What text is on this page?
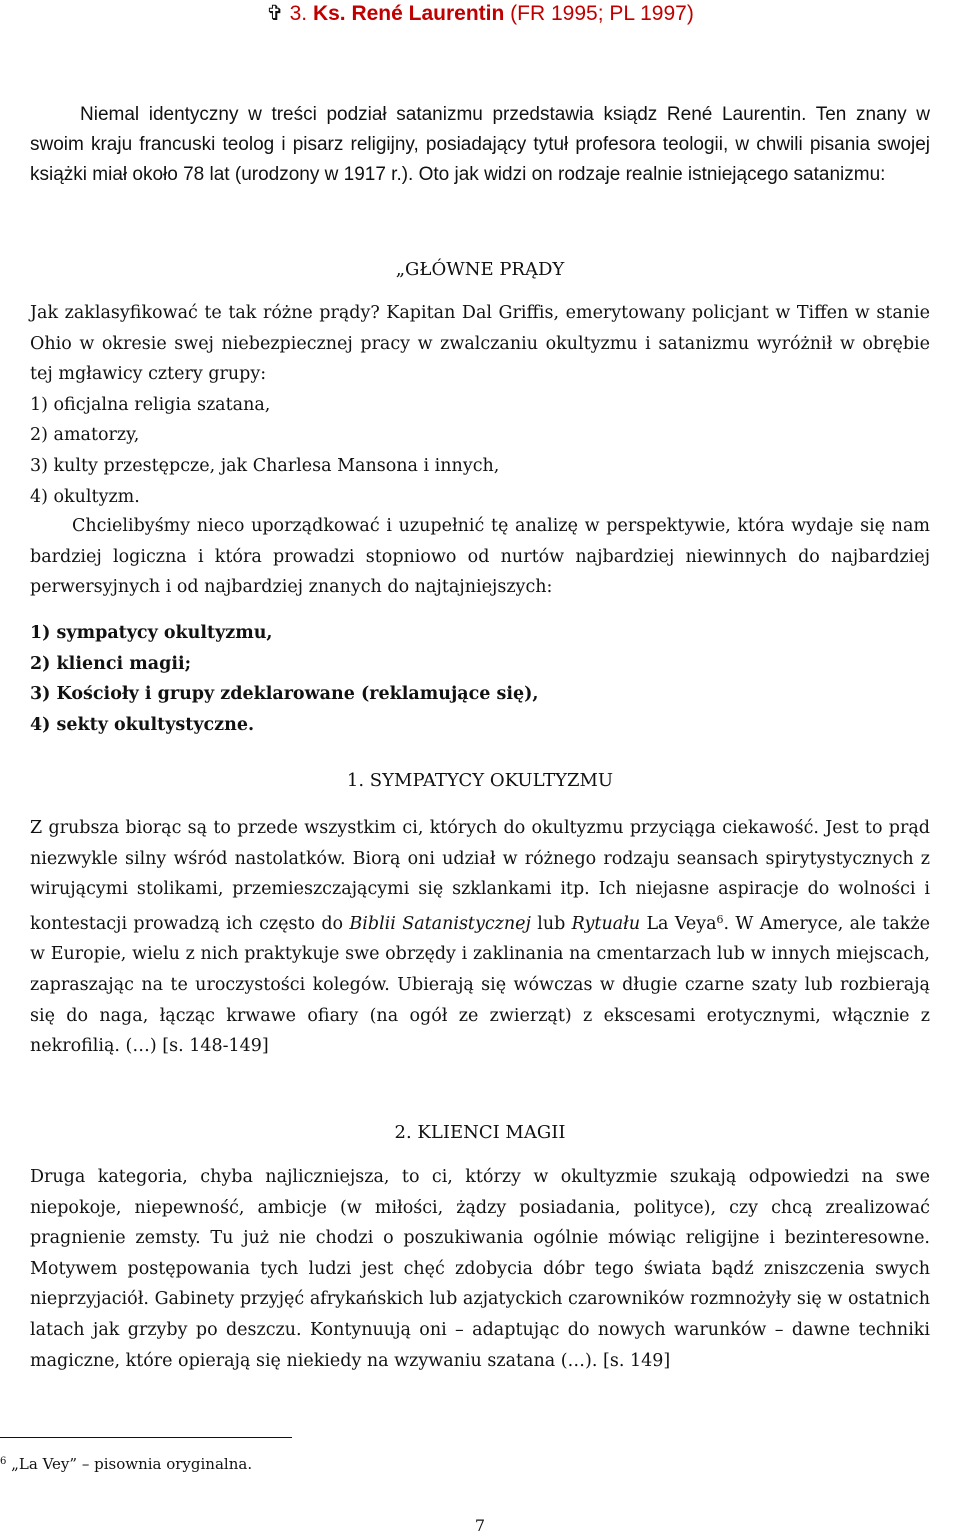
✞ 3. Ks. René Laurentin (FR 1995; PL 1997)
Niemal identyczny w treści podział satanizmu przedstawia ksiądz René Laurentin. Ten znany w swoim kraju francuski teolog i pisarz religijny, posiadający tytuł profesora teologii, w chwili pisania swojej książki miał około 78 lat (urodzony w 1917 r.). Oto jak widzi on rodzaje realnie istniejącego satanizmu:
„GŁÓWNE PRĄDY

Jak zaklasyfikować te tak różne prądy? Kapitan Dal Griffis, emerytowany policjant w Tiffen w stanie Ohio w okresie swej niebezpiecznej pracy w zwalczaniu okultyzmu i satanizmu wyróżnił w obrębie tej mgławicy cztery grupy:

1) oficjalna religia szatana,
2) amatorzy,
3) kulty przestępcze, jak Charlesa Mansona i innych,
4) okultyzm.

Chcielibyśmy nieco uporządkować i uzupełnić tę analizę w perspektywie, która wydaje się nam bardziej logiczna i która prowadzi stopniowo od nurtów najbardziej niewinnych do najbardziej perwersyjnych i od najbardziej znanych do najtajniejszych:

1) sympatycy okultyzmu,
2) klienci magii;
3) Kościoły i grupy zdeklarowane (reklamujące się),
4) sekty okultystyczne.
1. SYMPATYCY OKULTYZMU

Z grubsza biorąc są to przede wszystkim ci, których do okultyzmu przyciąga ciekawość. Jest to prąd niezwykle silny wśród nastolatków. Biorą oni udział w różnego rodzaju seansach spirytystycznych z wirującymi stolikami, przemieszczającymi się szklankami itp. Ich niejasne aspiracje do wolności i kontestacji prowadzą ich często do Biblii Satanistycznej lub Rytuału La Veya$^6$. W Ameryce, ale także w Europie, wielu z nich praktykuje swe obrzędy i zaklinania na cmentarzach lub w innych miejscach, zapraszając na te uroczystości kolegów. Ubierają się wówczas w długie czarne szaty lub rozbierają się do naga, łącząc krwawe ofiary (na ogół ze zwierząt) z ekscesami erotycznymi, włącznie z nekrofilią. (…) [s. 148-149]

2. KLIENCI MAGII

Druga kategoria, chyba najliczniejsza, to ci, którzy w okultyzmie szukają odpowiedzi na swe niepokoje, niepewność, ambicje (w miłości, żądzy posiadania, polityce), czy chcą zrealizować pragnienie zemsty. Tu już nie chodzi o poszukiwania ogólnie mówiąc religijne i bezinteresowne. Motywem postępowania tych ludzi jest chęć zdobycia dóbr tego świata bądź zniszczenia swych nieprzyjaciół. Gabinety przyjęć afrykańskich lub azjatyckich czarowników rozmnożyły się w ostatnich latach jak grzyby po deszczu. Kontynuują oni – adaptując do nowych warunków – dawne techniki magiczne, które opierają się niekiedy na wzywaniu szatana (…). [s. 149]

$^6$ „La Vey” – pisownia oryginalna.
7
